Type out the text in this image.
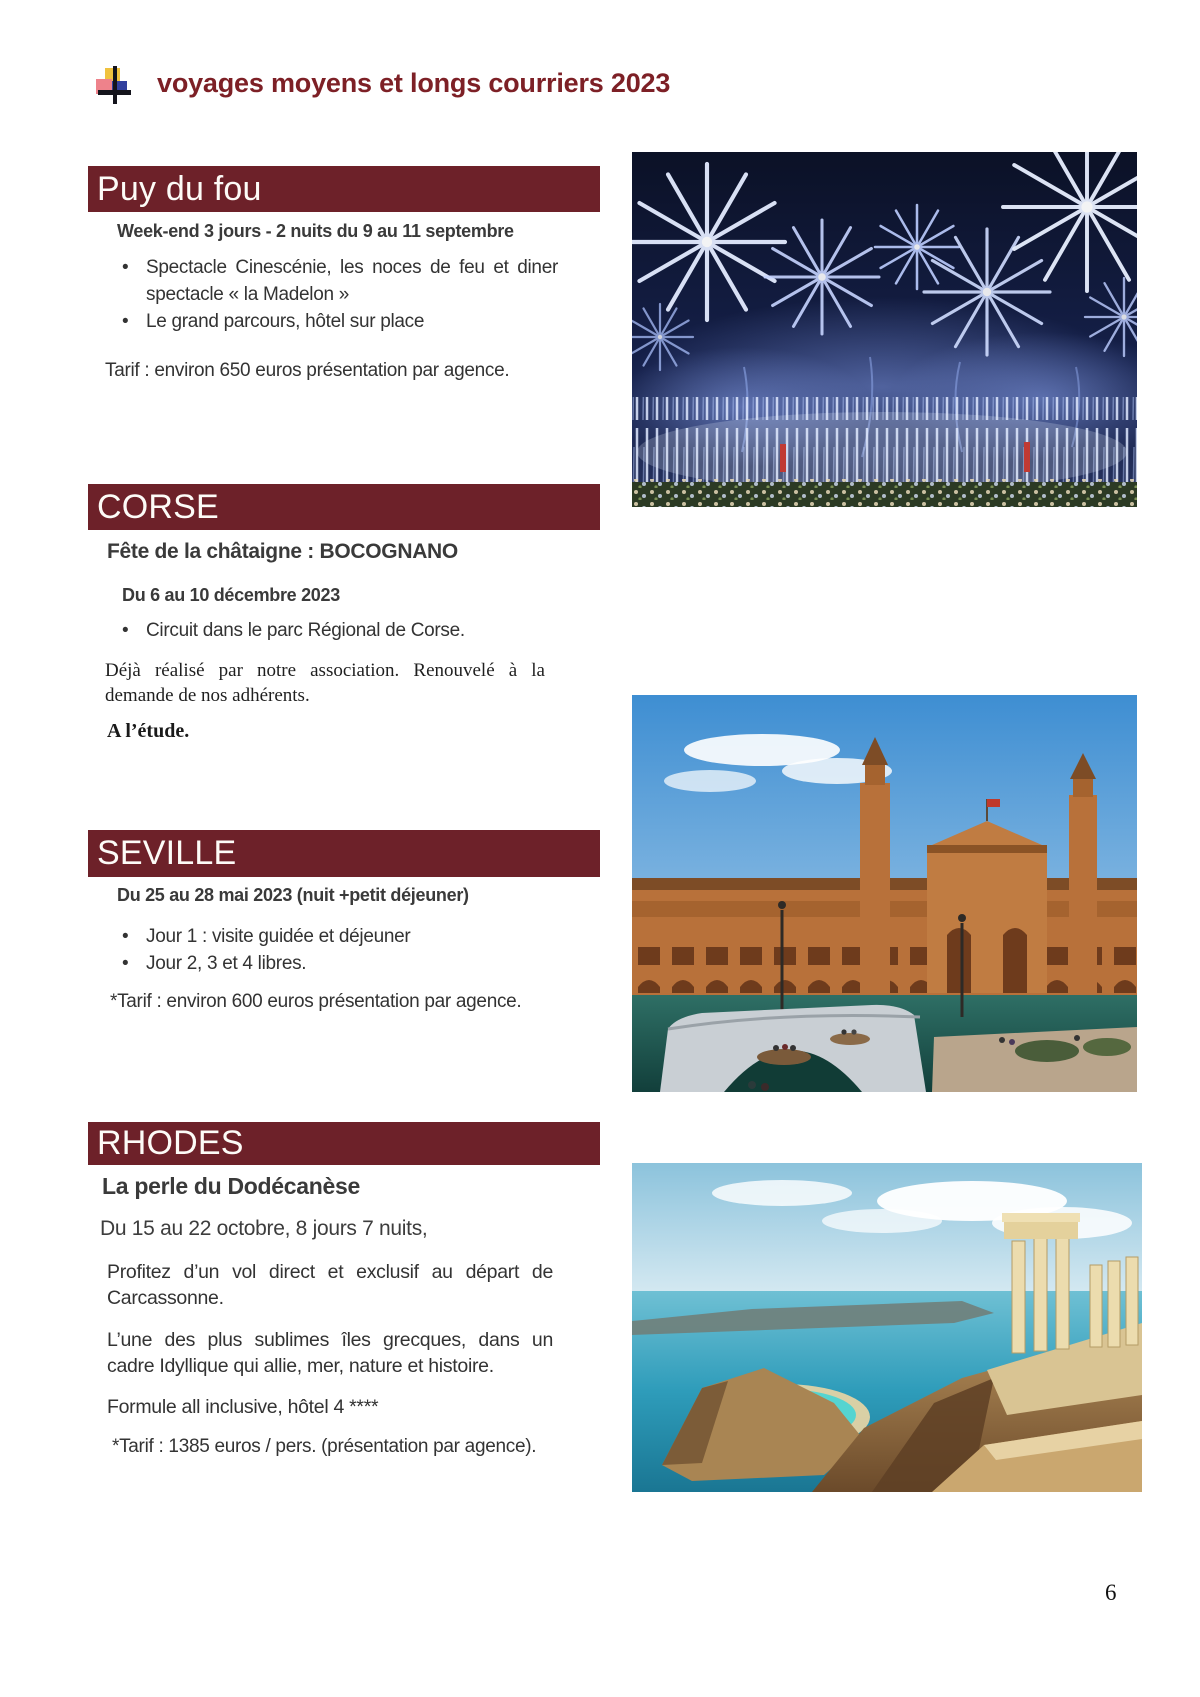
voyages moyens et longs courriers 2023
Puy du fou

Week-end 3 jours - 2 nuits du 9 au 11 septembre

• Spectacle Cinescénie, les noces de feu et diner spectacle « la Madelon »
• Le grand parcours, hôtel sur place

Tarif : environ 650 euros présentation par agence.

CORSE

Fête de la châtaigne : BOCOGNANO

Du 6 au 10 décembre 2023

• Circuit dans le parc Régional de Corse.

Déjà réalisé par notre association. Renouvelé à la demande de nos adhérents.

A l’étude.

SEVILLE

Du 25 au 28 mai 2023 (nuit +petit déjeuner)

• Jour 1 : visite guidée et déjeuner
• Jour 2, 3 et 4 libres.

*Tarif : environ 600 euros présentation par agence.

RHODES

La perle du Dodécanèse

Du 15 au 22 octobre, 8 jours 7 nuits,

Profitez d’un vol direct et exclusif au départ de Carcassonne.

L’une des plus sublimes îles grecques, dans un cadre Idyllique qui allie, mer, nature et histoire.

Formule all inclusive, hôtel 4 ****

*Tarif : 1385 euros / pers. (présentation par agence).

6
